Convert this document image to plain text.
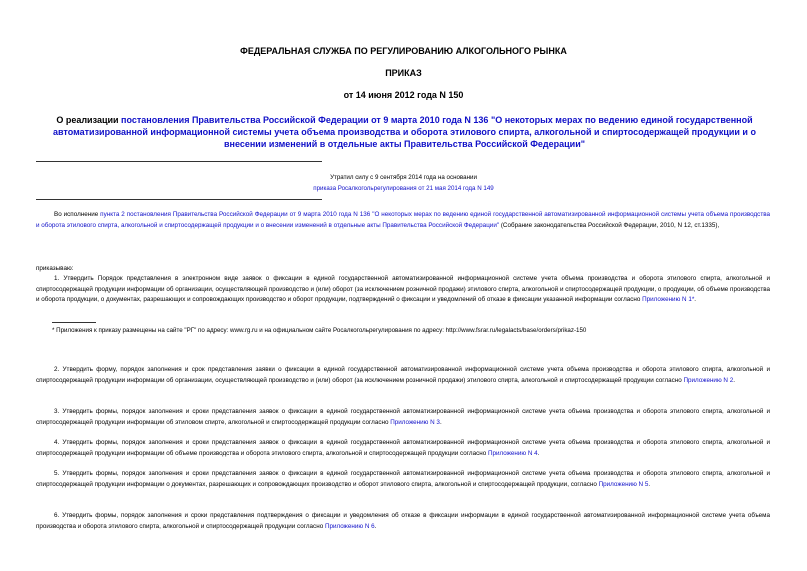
ФЕДЕРАЛЬНАЯ СЛУЖБА ПО РЕГУЛИРОВАНИЮ АЛКОГОЛЬНОГО РЫНКА
ПРИКАЗ
от 14 июня 2012 года N 150
О реализации постановления Правительства Российской Федерации от 9 марта 2010 года N 136 "О некоторых мерах по ведению единой государственной автоматизированной информационной системы учета объема производства и оборота этилового спирта, алкогольной и спиртосодержащей продукции и о внесении изменений в отдельные акты Правительства Российской Федерации"
Утратил силу с 9 сентября 2014 года на основании
приказа Росалкогольрегулирования от 21 мая 2014 года N 149
Во исполнение пункта 2 постановления Правительства Российской Федерации от 9 марта 2010 года N 136 "О некоторых мерах по ведению единой государственной автоматизированной информационной системы учета объема производства и оборота этилового спирта, алкогольной и спиртосодержащей продукции и о внесении изменений в отдельные акты Правительства Российской Федерации" (Собрание законодательства Российской Федерации, 2010, N 12, ст.1335),
приказываю:
1. Утвердить Порядок представления в электронном виде заявок о фиксации в единой государственной автоматизированной информационной системе учета объема производства и оборота этилового спирта, алкогольной и спиртосодержащей продукции информации об организации, осуществляющей производство и (или) оборот (за исключением розничной продажи) этилового спирта, алкогольной и спиртосодержащей продукции, о продукции, об объеме производства и оборота продукции, о документах, разрешающих и сопровождающих производство и оборот продукции, подтверждений о фиксации и уведомлений об отказе в фиксации указанной информации согласно Приложению N 1*.
* Приложения к приказу размещены на сайте "РГ" по адресу: www.rg.ru и на официальном сайте Росалкогольрегулирования по адресу: http://www.fsrar.ru/legalacts/base/orders/prikaz-150
2. Утвердить форму, порядок заполнения и срок представления заявки о фиксации в единой государственной автоматизированной информационной системе учета объема производства и оборота этилового спирта, алкогольной и спиртосодержащей продукции информации об организации, осуществляющей производство и (или) оборот (за исключением розничной продажи) этилового спирта, алкогольной и спиртосодержащей продукции согласно Приложению N 2.
3. Утвердить формы, порядок заполнения и сроки представления заявок о фиксации в единой государственной автоматизированной информационной системе учета объема производства и оборота этилового спирта, алкогольной и спиртосодержащей продукции информации об этиловом спирте, алкогольной и спиртосодержащей продукции согласно Приложению N 3.
4. Утвердить формы, порядок заполнения и сроки представления заявок о фиксации в единой государственной автоматизированной информационной системе учета объема производства и оборота этилового спирта, алкогольной и спиртосодержащей продукции информации об объеме производства и оборота этилового спирта, алкогольной и спиртосодержащей продукции согласно Приложению N 4.
5. Утвердить формы, порядок заполнения и сроки представления заявок о фиксации в единой государственной автоматизированной информационной системе учета объема производства и оборота этилового спирта, алкогольной и спиртосодержащей продукции информации о документах, разрешающих и сопровождающих производство и оборот этилового спирта, алкогольной и спиртосодержащей продукции, согласно Приложению N 5.
6. Утвердить формы, порядок заполнения и сроки представления подтверждения о фиксации и уведомления об отказе в фиксации информации в единой государственной автоматизированной информационной системе учета объема производства и оборота этилового спирта, алкогольной и спиртосодержащей продукции согласно Приложению N 6.
